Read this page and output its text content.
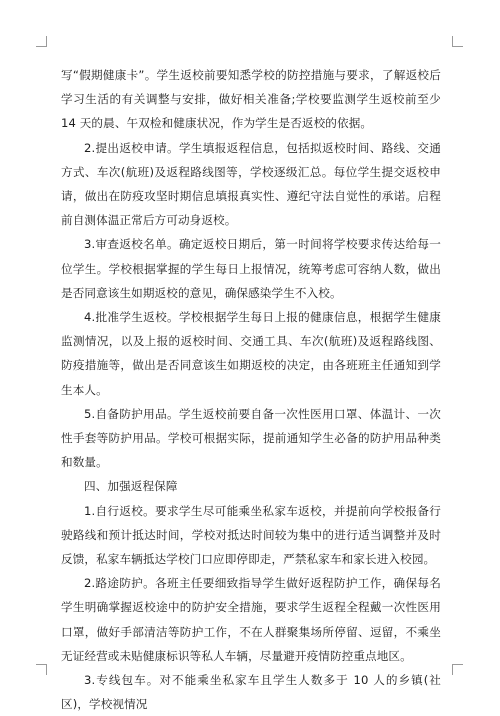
写“假期健康卡”。学生返校前要知悉学校的防控措施与要求，了解返校后学习生活的有关调整与安排，做好相关准备;学校要监测学生返校前至少 14 天的晨、午双检和健康状况，作为学生是否返校的依据。

2.提出返校申请。学生填报返程信息，包括拟返校时间、路线、交通方式、车次(航班)及返程路线图等，学校逐级汇总。每位学生提交返校申请，做出在防疫攻坚时期信息填报真实性、遵纪守法自觉性的承诺。启程前自测体温正常后方可动身返校。

3.审查返校名单。确定返校日期后，第一时间将学校要求传达给每一位学生。学校根据掌握的学生每日上报情况，统筹考虑可容纳人数，做出是否同意该生如期返校的意见，确保感染学生不入校。

4.批准学生返校。学校根据学生每日上报的健康信息，根据学生健康监测情况，以及上报的返校时间、交通工具、车次(航班)及返程路线图、防疫措施等，做出是否同意该生如期返校的决定，由各班班主任通知到学生本人。

5.自备防护用品。学生返校前要自备一次性医用口罩、体温计、一次性手套等防护用品。学校可根据实际，提前通知学生必备的防护用品种类和数量。

四、加强返程保障

1.自行返校。要求学生尽可能乘坐私家车返校，并提前向学校报备行驶路线和预计抵达时间，学校对抵达时间较为集中的进行适当调整并及时反馈，私家车辆抵达学校门口应即停即走，严禁私家车和家长进入校园。

2.路途防护。各班主任要细致指导学生做好返程防护工作，确保每名学生明确掌握返校途中的防护安全措施，要求学生返程全程戴一次性医用口罩，做好手部清洁等防护工作，不在人群聚集场所停留、逗留，不乘坐无证经营或未贴健康标识等私人车辆，尽量避开疫情防控重点地区。

3.专线包车。对不能乘坐私家车且学生人数多于 10 人的乡镇(社区)，学校视情况
